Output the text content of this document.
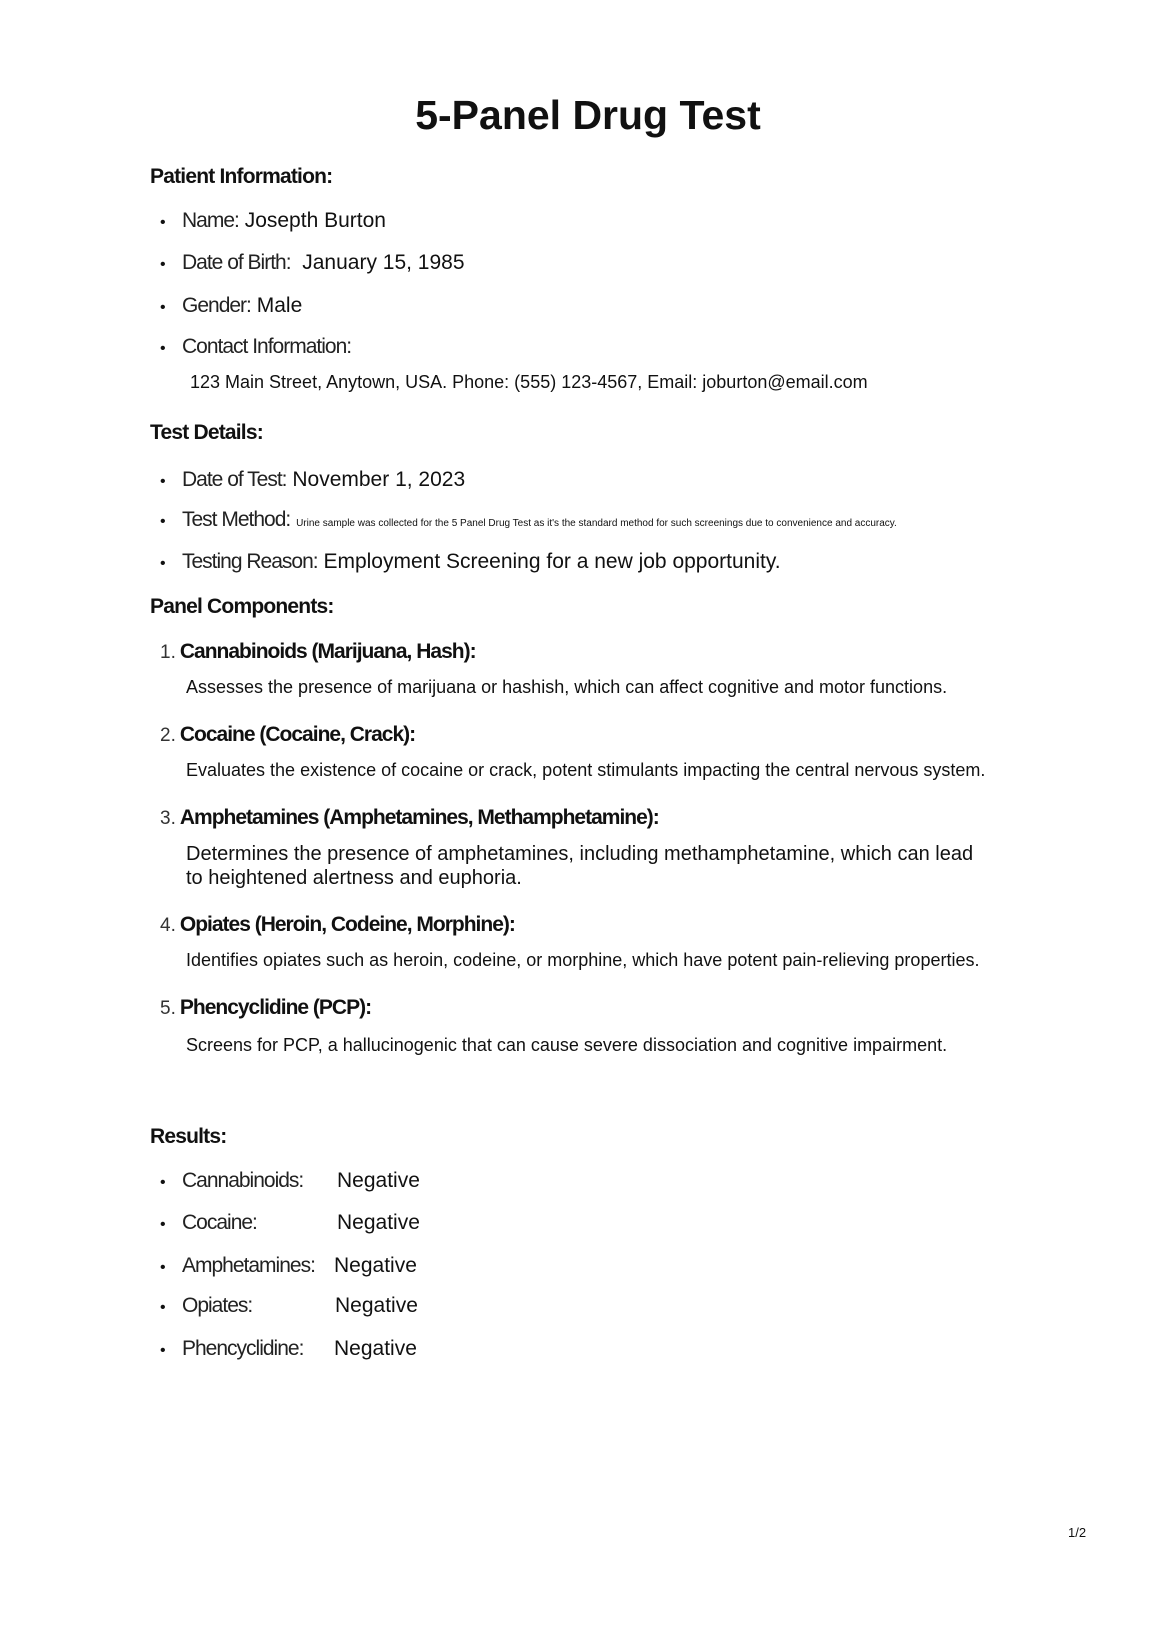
5-Panel Drug Test
Patient Information:
• Name: Josepth Burton
• Date of Birth: January 15, 1985
• Gender: Male
• Contact Information:
123 Main Street, Anytown, USA. Phone: (555) 123-4567, Email: joburton@email.com
Test Details:
• Date of Test: November 1, 2023
• Test Method: Urine sample was collected for the 5 Panel Drug Test as it's the standard method for such screenings due to convenience and accuracy.
• Testing Reason: Employment Screening for a new job opportunity.
Panel Components:
1. Cannabinoids (Marijuana, Hash):
Assesses the presence of marijuana or hashish, which can affect cognitive and motor functions.
2. Cocaine (Cocaine, Crack):
Evaluates the existence of cocaine or crack, potent stimulants impacting the central nervous system.
3. Amphetamines (Amphetamines, Methamphetamine):
Determines the presence of amphetamines, including methamphetamine, which can lead
to heightened alertness and euphoria.
4. Opiates (Heroin, Codeine, Morphine):
Identifies opiates such as heroin, codeine, or morphine, which have potent pain-relieving properties.
5. Phencyclidine (PCP):
Screens for PCP, a hallucinogenic that can cause severe dissociation and cognitive impairment.
Results:
• Cannabinoids: Negative
• Cocaine:	Negative
• Amphetamines: Negative
• Opiates:	Negative
• Phencyclidine: Negative
1/2
